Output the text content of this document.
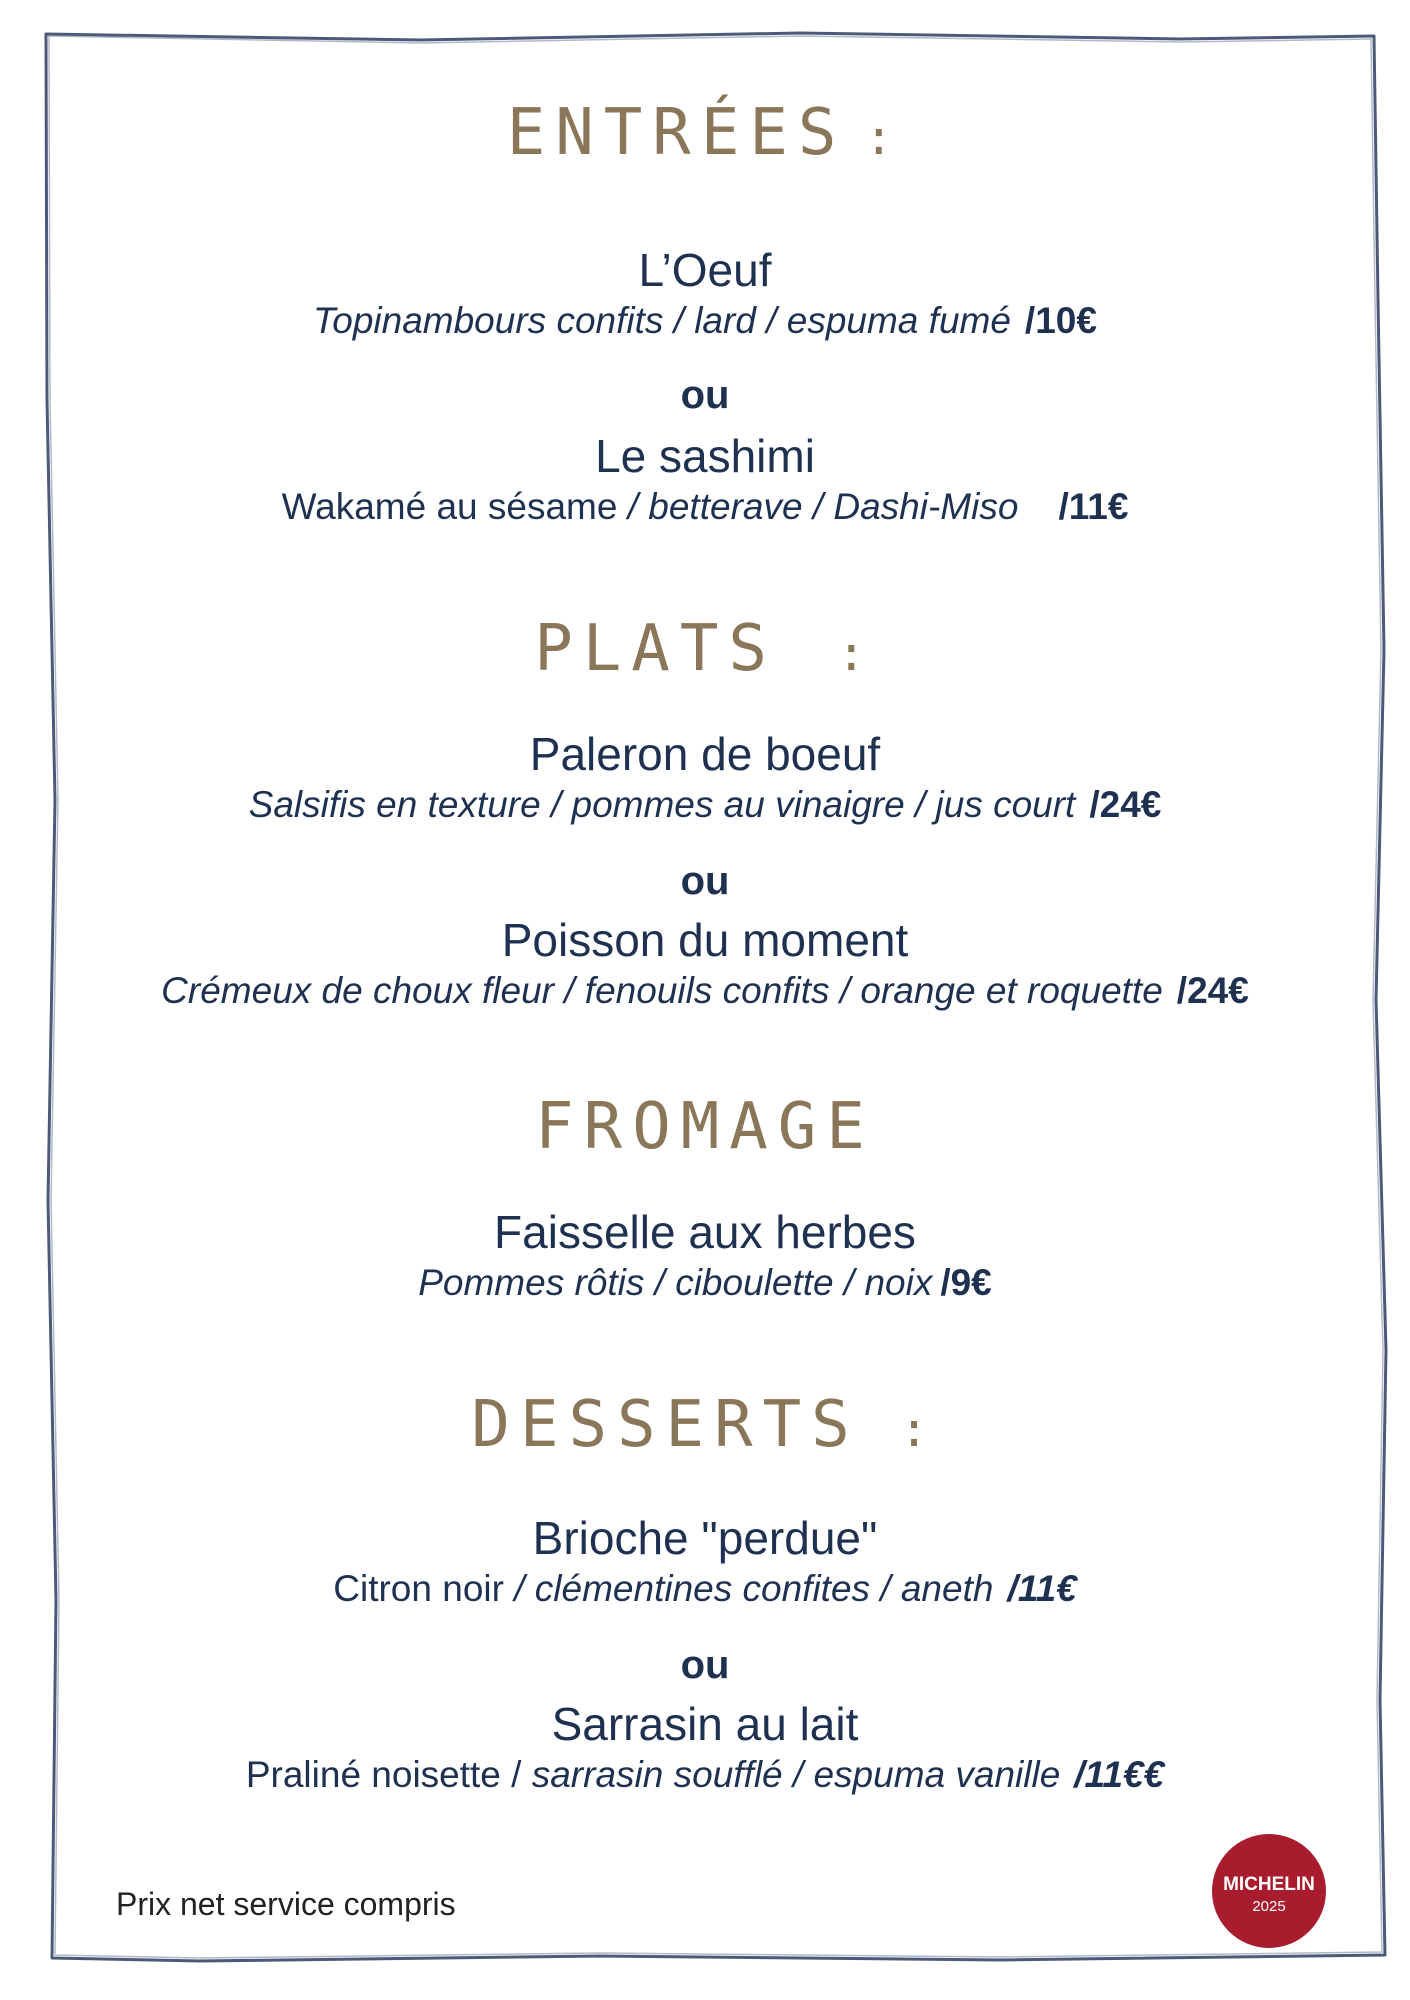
ENTRÉES :
L’Oeuf
Topinambours confits / lard / espuma fumé /10€
ou
Le sashimi
Wakamé au sésame / betterave / Dashi-Miso /11€
PLATS :
Paleron de boeuf
Salsifis en texture / pommes au vinaigre / jus court /24€
ou
Poisson du moment
Crémeux de choux fleur / fenouils confits / orange et roquette /24€
FROMAGE
Faisselle aux herbes
Pommes rôtis / ciboulette / noix /9€
DESSERTS :
Brioche "perdue"
Citron noir / clémentines confites / aneth /11€
ou
Sarrasin au lait
Praliné noisette / sarrasin soufflé / espuma vanille /11€€
Prix net service compris
MICHELIN
2025
